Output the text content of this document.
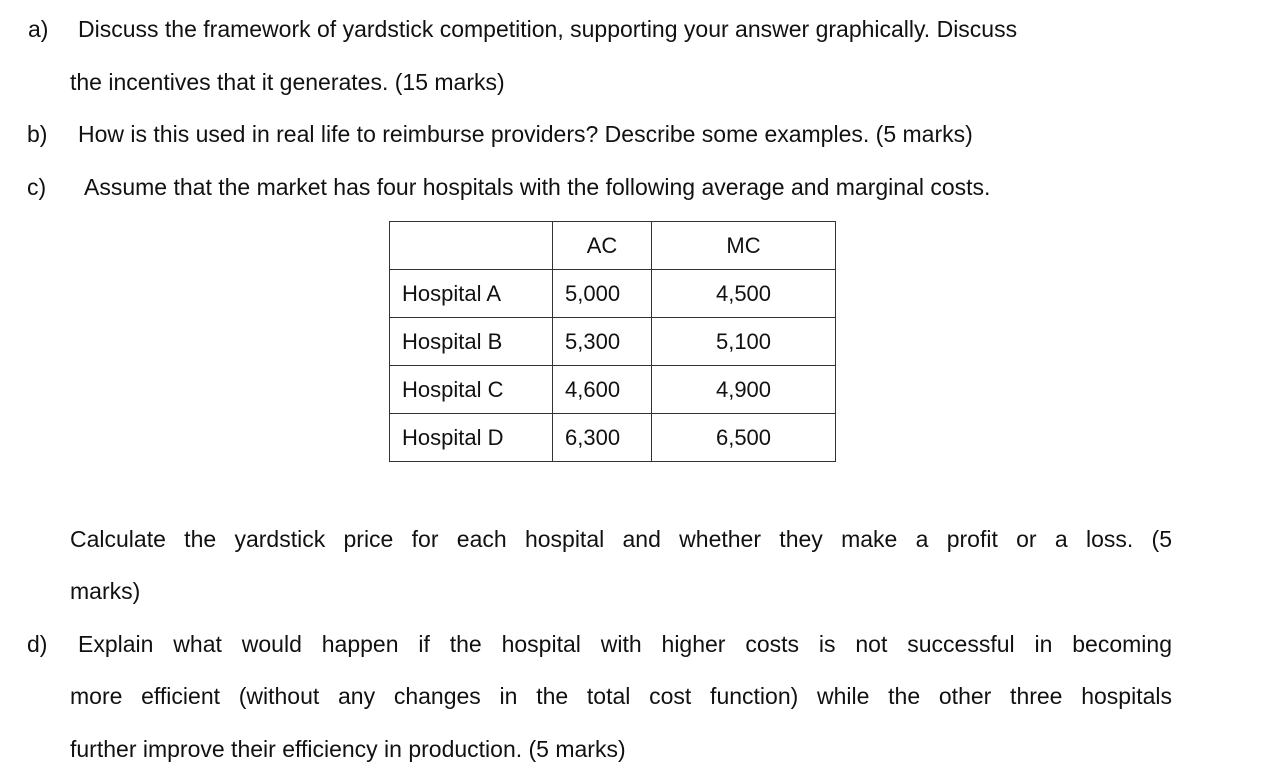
a) Discuss the framework of yardstick competition, supporting your answer graphically. Discuss
the incentives that it generates. (15 marks)
b) How is this used in real life to reimburse providers? Describe some examples. (5 marks)
c) Assume that the market has four hospitals with the following average and marginal costs.
	AC	MC
Hospital A	5,000	4,500
Hospital B	5,300	5,100
Hospital C	4,600	4,900
Hospital D	6,300	6,500
Calculate the yardstick price for each hospital and whether they make a profit or a loss. (5
marks)
d) Explain what would happen if the hospital with higher costs is not successful in becoming
more efficient (without any changes in the total cost function) while the other three hospitals
further improve their efficiency in production. (5 marks)
